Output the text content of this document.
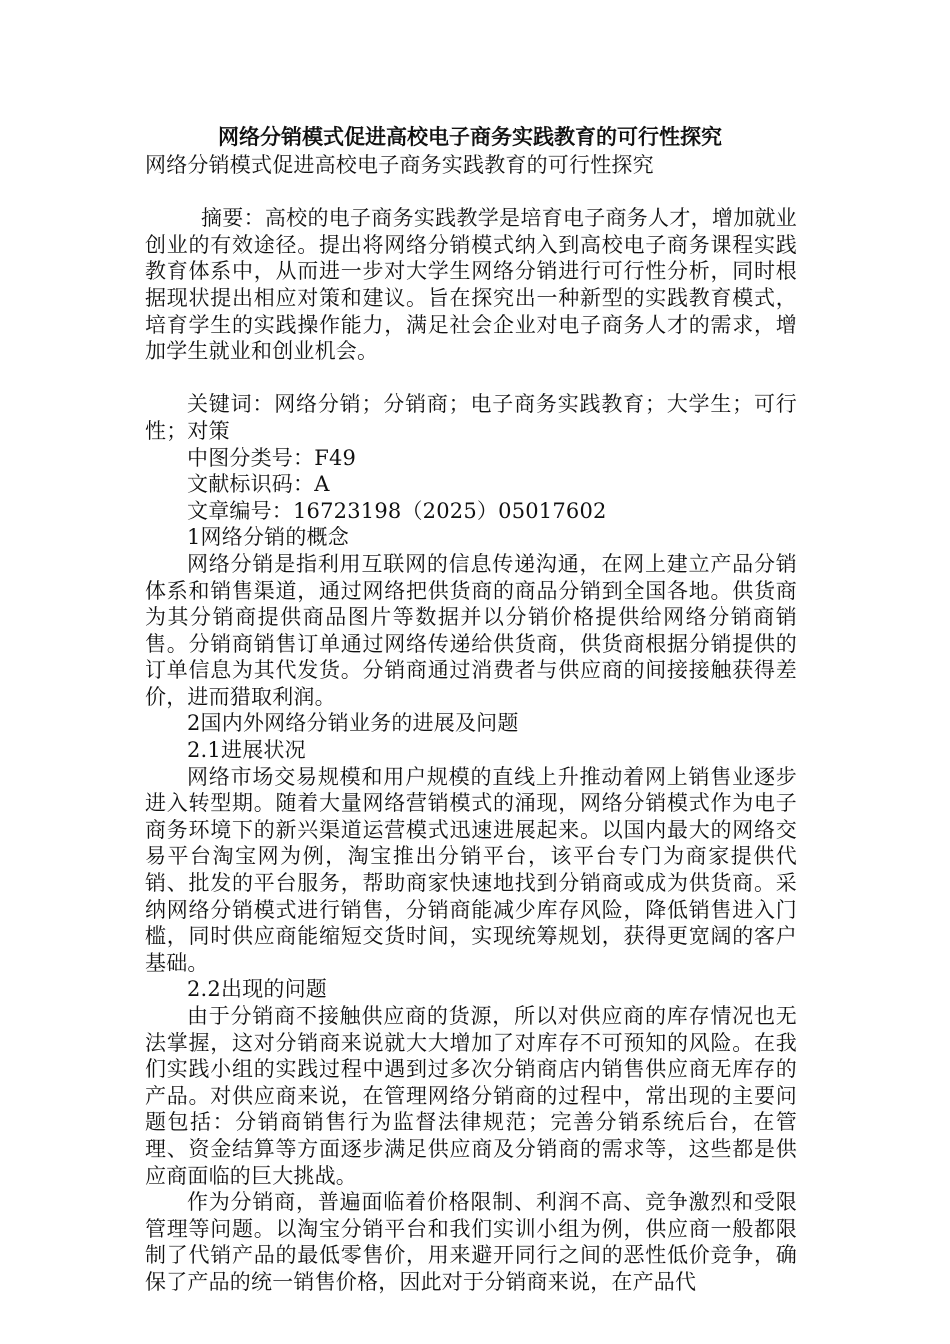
网络分销模式促进高校电子商务实践教育的可行性探究

网络分销模式促进高校电子商务实践教育的可行性探究

摘要：高校的电子商务实践教学是培育电子商务人才，增加就业创业的有效途径。提出将网络分销模式纳入到高校电子商务课程实践教育体系中，从而进一步对大学生网络分销进行可行性分析，同时根据现状提出相应对策和建议。旨在探究出一种新型的实践教育模式，培育学生的实践操作能力，满足社会企业对电子商务人才的需求，增加学生就业和创业机会。

关键词：网络分销；分销商；电子商务实践教育；大学生；可行性；对策

中图分类号：F49

文献标识码：A

文章编号：16723198（2025）05017602

1网络分销的概念

网络分销是指利用互联网的信息传递沟通，在网上建立产品分销体系和销售渠道，通过网络把供货商的商品分销到全国各地。供货商为其分销商提供商品图片等数据并以分销价格提供给网络分销商销售。分销商销售订单通过网络传递给供货商，供货商根据分销提供的订单信息为其代发货。分销商通过消费者与供应商的间接接触获得差价，进而猎取利润。

2国内外网络分销业务的进展及问题

2.1进展状况

网络市场交易规模和用户规模的直线上升推动着网上销售业逐步进入转型期。随着大量网络营销模式的涌现，网络分销模式作为电子商务环境下的新兴渠道运营模式迅速进展起来。以国内最大的网络交易平台淘宝网为例，淘宝推出分销平台，该平台专门为商家提供代销、批发的平台服务，帮助商家快速地找到分销商或成为供货商。采纳网络分销模式进行销售，分销商能减少库存风险，降低销售进入门槛，同时供应商能缩短交货时间，实现统筹规划，获得更宽阔的客户基础。

2.2出现的问题

由于分销商不接触供应商的货源，所以对供应商的库存情况也无法掌握，这对分销商来说就大大增加了对库存不可预知的风险。在我们实践小组的实践过程中遇到过多次分销商店内销售供应商无库存的产品。对供应商来说，在管理网络分销商的过程中，常出现的主要问题包括：分销商销售行为监督法律规范；完善分销系统后台，在管理、资金结算等方面逐步满足供应商及分销商的需求等，这些都是供应商面临的巨大挑战。

作为分销商，普遍面临着价格限制、利润不高、竞争激烈和受限管理等问题。以淘宝分销平台和我们实训小组为例，供应商一般都限制了代销产品的最低零售价，用来避开同行之间的恶性低价竞争，确保了产品的统一销售价格，因此对于分销商来说，在产品代
